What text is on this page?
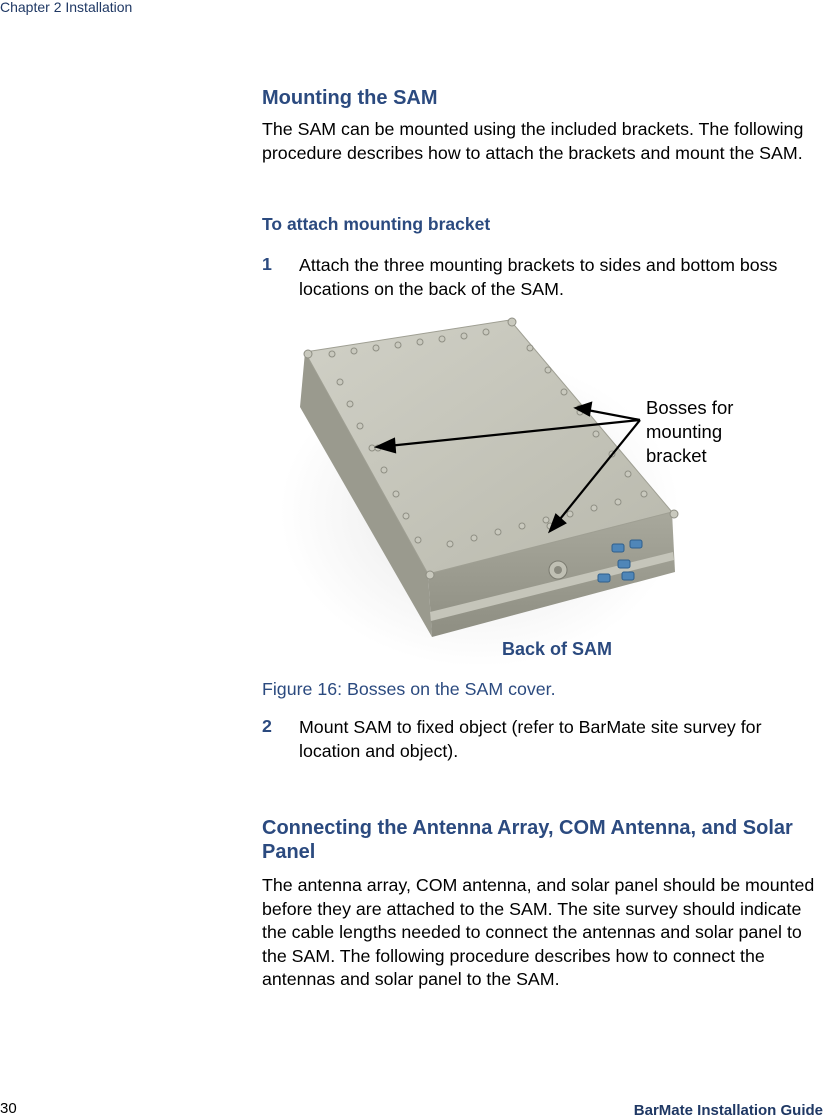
Chapter 2 Installation
Mounting the SAM
The SAM can be mounted using the included brackets. The following procedure describes how to attach the brackets and mount the SAM.
To attach mounting bracket
1 Attach the three mounting brackets to sides and bottom boss locations on the back of the SAM.
Bosses for mounting bracket
Back of SAM
Figure 16: Bosses on the SAM cover.
2 Mount SAM to fixed object (refer to BarMate site survey for location and object).
Connecting the Antenna Array, COM Antenna, and Solar Panel
The antenna array, COM antenna, and solar panel should be mounted before they are attached to the SAM. The site survey should indicate the cable lengths needed to connect the antennas and solar panel to the SAM. The following procedure describes how to connect the antennas and solar panel to the SAM.
30	BarMate Installation Guide
